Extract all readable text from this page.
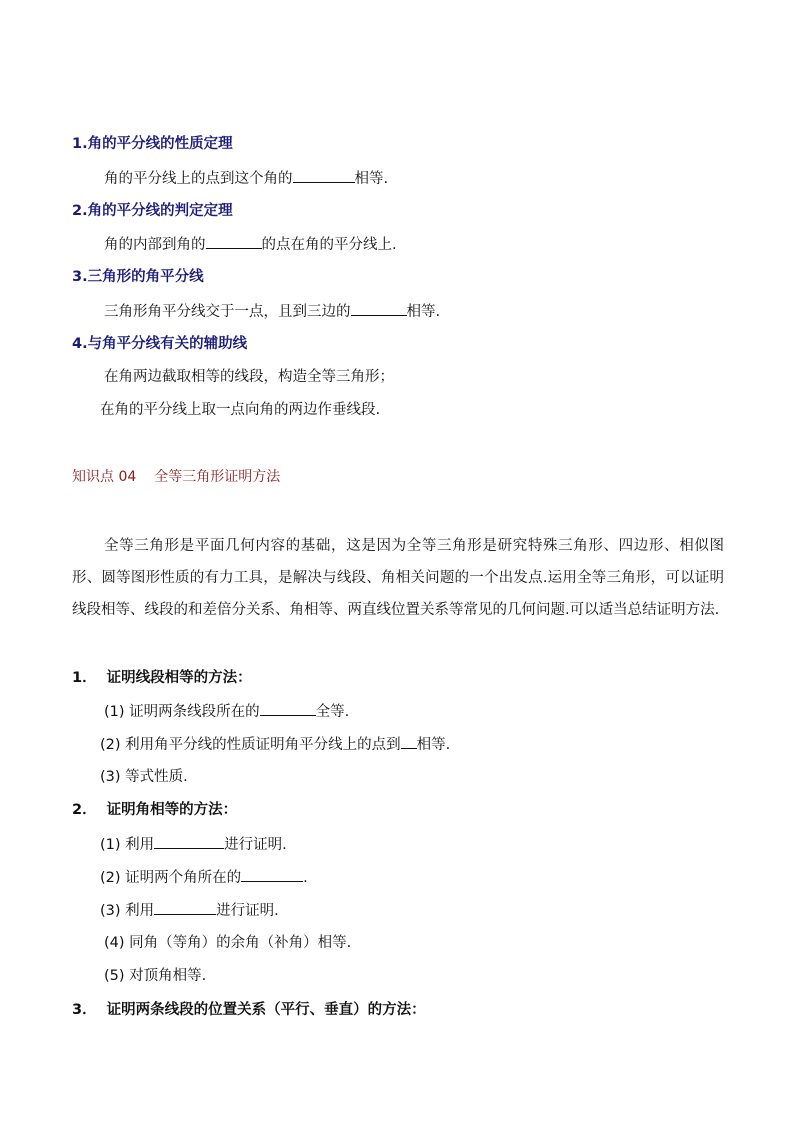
1.角的平分线的性质定理
角的平分线上的点到这个角的	相等.
2.角的平分线的判定定理
角的内部到角的	的点在角的平分线上.
3.三角形的角平分线
三角形角平分线交于一点，且到三边的	相等.
4.与角平分线有关的辅助线
在角两边截取相等的线段，构造全等三角形；
在角的平分线上取一点向角的两边作垂线段.
知识点 04 全等三角形证明方法
全等三角形是平面几何内容的基础，这是因为全等三角形是研究特殊三角形、四边形、相似图形、圆等图形性质的有力工具，是解决与线段、角相关问题的一个出发点.运用全等三角形，可以证明线段相等、线段的和差倍分关系、角相等、两直线位置关系等常见的几何问题.可以适当总结证明方法.
1． 证明线段相等的方法：
(1) 证明两条线段所在的	全等.
(2) 利用角平分线的性质证明角平分线上的点到 相等.
(3) 等式性质.
2． 证明角相等的方法：
(1) 利用	进行证明.
(2) 证明两个角所在的	.
(3) 利用	进行证明.
(4) 同角（等角）的余角（补角）相等.
(5) 对顶角相等.
3． 证明两条线段的位置关系（平行、垂直）的方法：
